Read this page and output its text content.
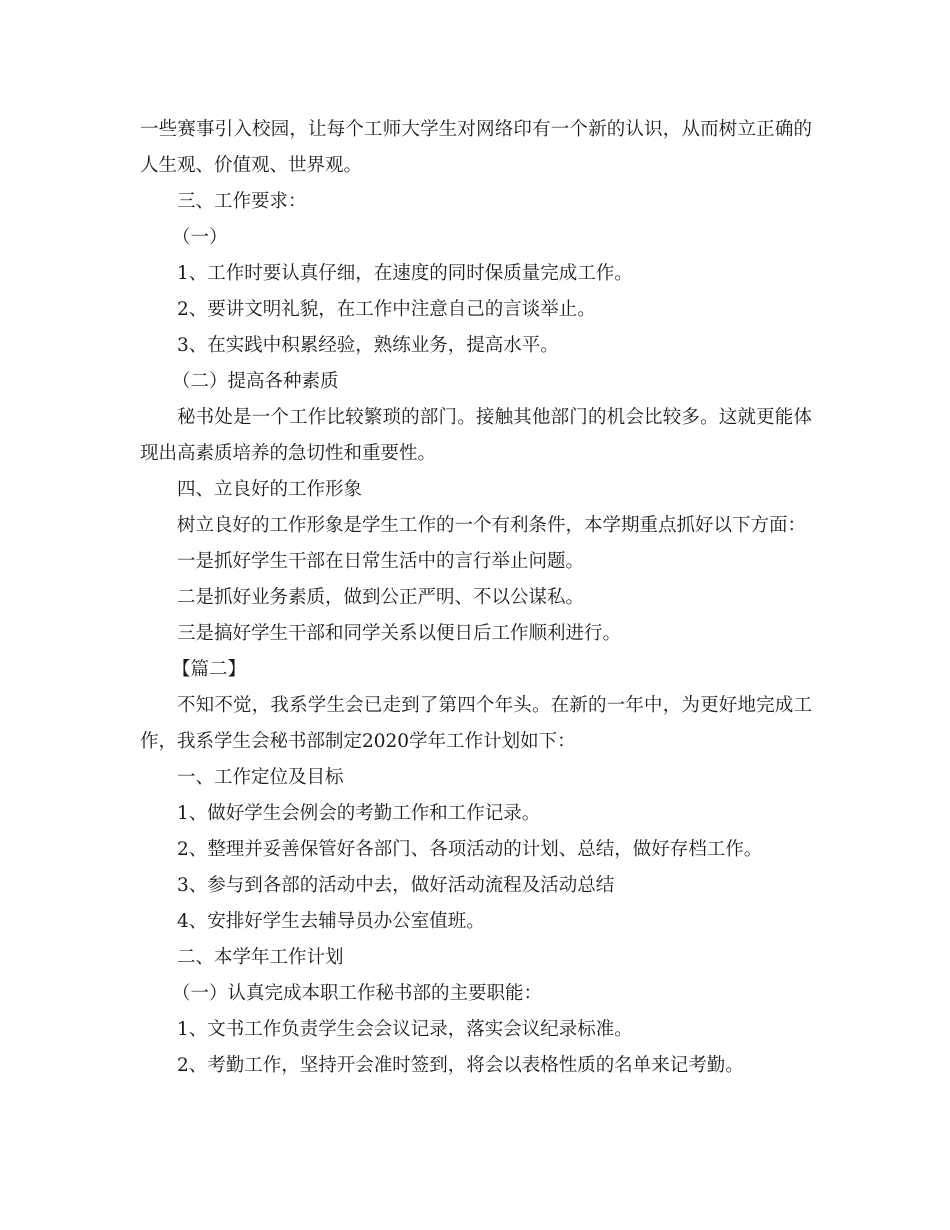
一些赛事引入校园，让每个工师大学生对网络印有一个新的认识，从而树立正确的人生观、价值观、世界观。

三、工作要求：

（一）

1、工作时要认真仔细，在速度的同时保质量完成工作。

2、要讲文明礼貌，在工作中注意自己的言谈举止。

3、在实践中积累经验，熟练业务，提高水平。

（二）提高各种素质

秘书处是一个工作比较繁琐的部门。接触其他部门的机会比较多。这就更能体现出高素质培养的急切性和重要性。

四、立良好的工作形象

树立良好的工作形象是学生工作的一个有利条件，本学期重点抓好以下方面：

一是抓好学生干部在日常生活中的言行举止问题。

二是抓好业务素质，做到公正严明、不以公谋私。

三是搞好学生干部和同学关系以便日后工作顺利进行。

【篇二】

不知不觉，我系学生会已走到了第四个年头。在新的一年中，为更好地完成工作，我系学生会秘书部制定2020学年工作计划如下：

一、工作定位及目标

1、做好学生会例会的考勤工作和工作记录。

2、整理并妥善保管好各部门、各项活动的计划、总结，做好存档工作。

3、参与到各部的活动中去，做好活动流程及活动总结

4、安排好学生去辅导员办公室值班。

二、本学年工作计划

（一）认真完成本职工作秘书部的主要职能：

1、文书工作负责学生会会议记录，落实会议纪录标准。

2、考勤工作，坚持开会准时签到，将会以表格性质的名单来记考勤。
